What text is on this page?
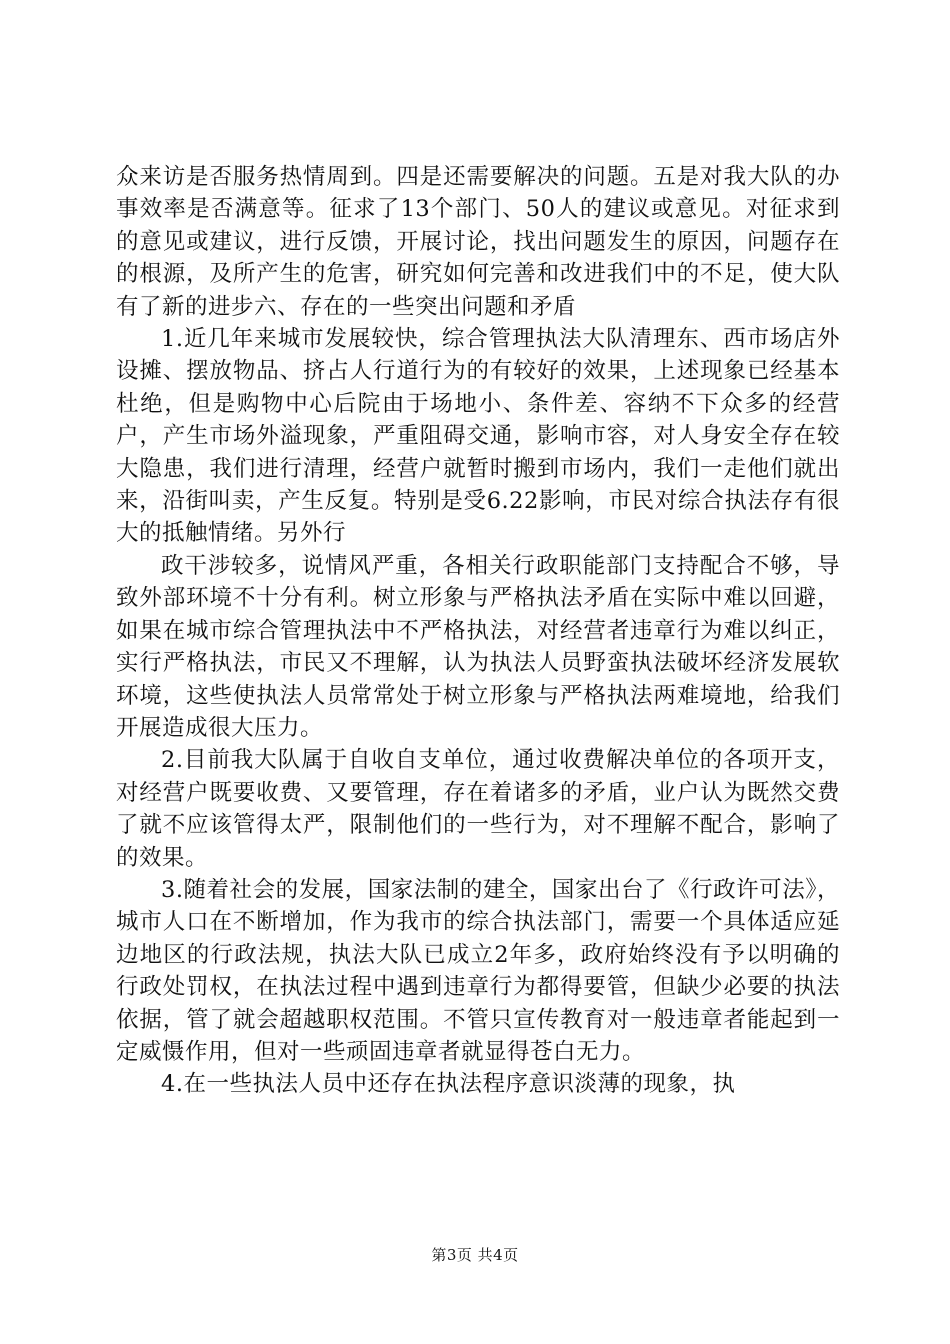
众来访是否服务热情周到。四是还需要解决的问题。五是对我大队的办事效率是否满意等。征求了13个部门、50人的建议或意见。对征求到的意见或建议，进行反馈，开展讨论，找出问题发生的原因，问题存在的根源，及所产生的危害，研究如何完善和改进我们中的不足，使大队有了新的进步六、存在的一些突出问题和矛盾

1.近几年来城市发展较快，综合管理执法大队清理东、西市场店外设摊、摆放物品、挤占人行道行为的有较好的效果，上述现象已经基本杜绝，但是购物中心后院由于场地小、条件差、容纳不下众多的经营户，产生市场外溢现象，严重阻碍交通，影响市容，对人身安全存在较大隐患，我们进行清理，经营户就暂时搬到市场内，我们一走他们就出来，沿街叫卖，产生反复。特别是受6.22影响，市民对综合执法存有很大的抵触情绪。另外行

政干涉较多，说情风严重，各相关行政职能部门支持配合不够，导致外部环境不十分有利。树立形象与严格执法矛盾在实际中难以回避，如果在城市综合管理执法中不严格执法，对经营者违章行为难以纠正，实行严格执法，市民又不理解，认为执法人员野蛮执法破坏经济发展软环境，这些使执法人员常常处于树立形象与严格执法两难境地，给我们开展造成很大压力。

2.目前我大队属于自收自支单位，通过收费解决单位的各项开支，对经营户既要收费、又要管理，存在着诸多的矛盾，业户认为既然交费了就不应该管得太严，限制他们的一些行为，对不理解不配合，影响了的效果。

3.随着社会的发展，国家法制的建全，国家出台了《行政许可法》，城市人口在不断增加，作为我市的综合执法部门，需要一个具体适应延边地区的行政法规，执法大队已成立2年多，政府始终没有予以明确的行政处罚权，在执法过程中遇到违章行为都得要管，但缺少必要的执法依据，管了就会超越职权范围。不管只宣传教育对一般违章者能起到一定威慑作用，但对一些顽固违章者就显得苍白无力。

4.在一些执法人员中还存在执法程序意识淡薄的现象，执

第3页 共4页
